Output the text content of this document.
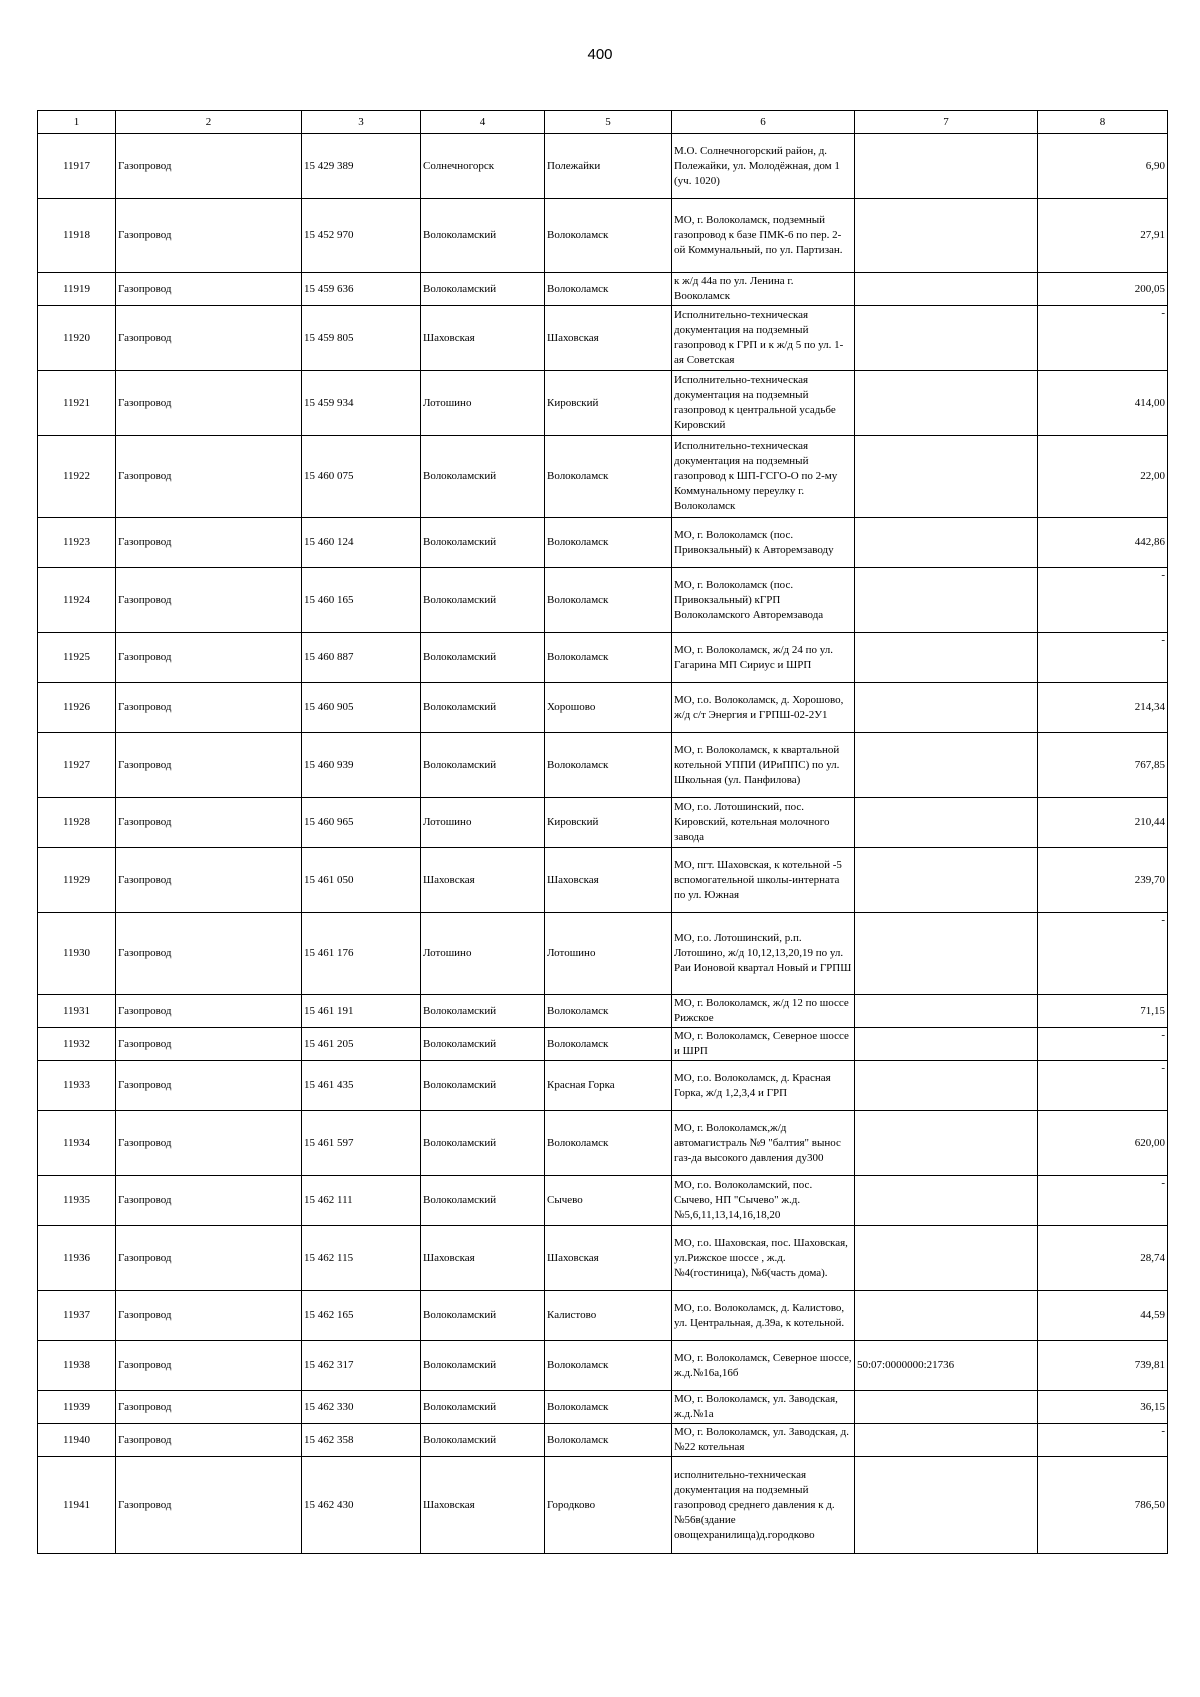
400
1	2	3	4	5	6	7	8
11917	Газопровод	15 429 389	Солнечногорск	Полежайки	М.О. Солнечногорский район, д. Полежайки, ул. Молодёжная, дом 1 (уч. 1020)		6,90
11918	Газопровод	15 452 970	Волоколамский	Волоколамск	МО, г. Волоколамск, подземный газопровод к базе ПМК-6 по пер. 2-ой Коммунальный, по ул. Партизан.		27,91
11919	Газопровод	15 459 636	Волоколамский	Волоколамск	к ж/д 44а по ул. Ленина г. Вооколамск		200,05
11920	Газопровод	15 459 805	Шаховская	Шаховская	Исполнительно-техническая документация на подземный газопровод к ГРП и к ж/д 5 по ул. 1-ая Советская		-
11921	Газопровод	15 459 934	Лотошино	Кировский	Исполнительно-техническая документация на подземный газопровод к центральной усадьбе Кировский		414,00
11922	Газопровод	15 460 075	Волоколамский	Волоколамск	Исполнительно-техническая документация на подземный газопровод к ШП-ГСГО-О по 2-му Коммунальному переулку г. Волоколамск		22,00
11923	Газопровод	15 460 124	Волоколамский	Волоколамск	МО, г. Волоколамск (пос. Привокзальный) к Авторемзаводу		442,86
11924	Газопровод	15 460 165	Волоколамский	Волоколамск	МО, г. Волоколамск (пос. Привокзальный) кГРП Волоколамского Авторемзавода		-
11925	Газопровод	15 460 887	Волоколамский	Волоколамск	МО, г. Волоколамск, ж/д 24 по ул. Гагарина МП Сириус и ШРП		-
11926	Газопровод	15 460 905	Волоколамский	Хорошово	МО, г.о. Волоколамск, д. Хорошово, ж/д с/т Энергия и ГРПШ-02-2У1		214,34
11927	Газопровод	15 460 939	Волоколамский	Волоколамск	МО, г. Волоколамск, к квартальной котельной УППИ (ИРиППС) по ул. Школьная (ул. Панфилова)		767,85
11928	Газопровод	15 460 965	Лотошино	Кировский	МО, г.о. Лотошинский, пос. Кировский, котельная молочного завода		210,44
11929	Газопровод	15 461 050	Шаховская	Шаховская	МО, пгт. Шаховская, к котельной -5 вспомогательной школы-интерната по ул. Южная		239,70
11930	Газопровод	15 461 176	Лотошино	Лотошино	МО, г.о. Лотошинский, р.п. Лотошино, ж/д 10,12,13,20,19 по ул. Раи Ионовой квартал Новый и ГРПШ		-
11931	Газопровод	15 461 191	Волоколамский	Волоколамск	МО, г. Волоколамск, ж/д 12 по шоссе Рижское		71,15
11932	Газопровод	15 461 205	Волоколамский	Волоколамск	МО, г. Волоколамск, Северное шоссе и ШРП		-
11933	Газопровод	15 461 435	Волоколамский	Красная Горка	МО, г.о. Волоколамск, д. Красная Горка, ж/д 1,2,3,4 и ГРП		-
11934	Газопровод	15 461 597	Волоколамский	Волоколамск	МО, г. Волоколамск,ж/д автомагистраль №9 "балтия" вынос газ-да высокого давления ду300		620,00
11935	Газопровод	15 462 111	Волоколамский	Сычево	МО, г.о. Волоколамский, пос. Сычево, НП "Сычево" ж.д.№5,6,11,13,14,16,18,20		-
11936	Газопровод	15 462 115	Шаховская	Шаховская	МО, г.о. Шаховская, пос. Шаховская, ул.Рижское шоссе , ж.д.№4(гостиница), №6(часть дома).		28,74
11937	Газопровод	15 462 165	Волоколамский	Калистово	МО, г.о. Волоколамск, д. Калистово, ул. Центральная, д.39а, к котельной.		44,59
11938	Газопровод	15 462 317	Волоколамский	Волоколамск	МО, г. Волоколамск, Северное шоссе, ж.д.№16а,16б	50:07:0000000:21736	739,81
11939	Газопровод	15 462 330	Волоколамский	Волоколамск	МО, г. Волоколамск, ул. Заводская, ж.д.№1а		36,15
11940	Газопровод	15 462 358	Волоколамский	Волоколамск	МО, г. Волоколамск, ул. Заводская, д.№22 котельная		-
11941	Газопровод	15 462 430	Шаховская	Городково	исполнительно-техническая документация на подземный газопровод среднего давления к д.№56в(здание овощехранилища)д.городково		786,50
